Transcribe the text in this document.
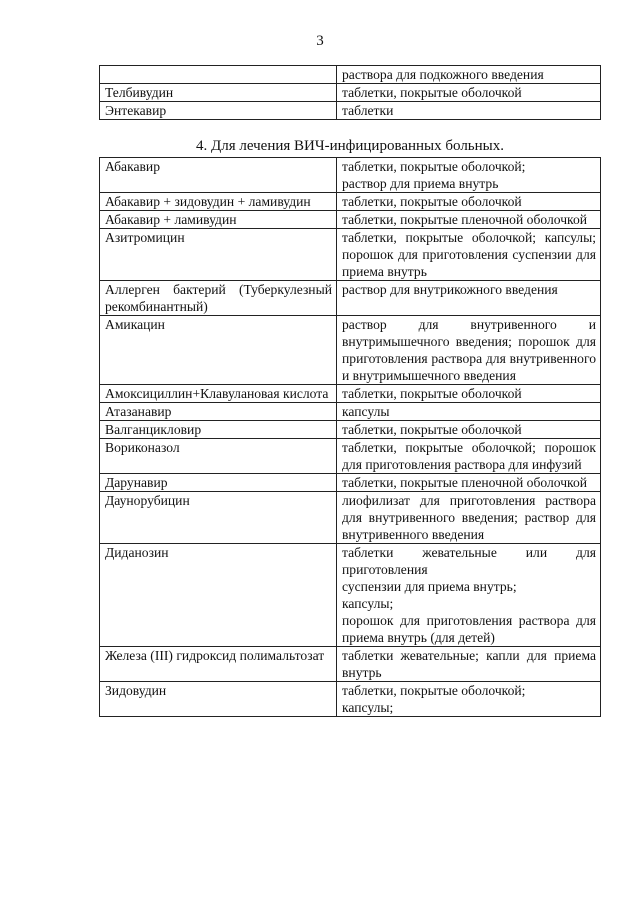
3
	раствора для подкожного введения
Телбивудин	таблетки, покрытые оболочкой
Энтекавир	таблетки
4. Для лечения ВИЧ-инфицированных больных.
Абакавир	таблетки, покрытые оболочкой;
раствор для приема внутрь

Абакавир + зидовудин + ламивудин	таблетки, покрытые оболочкой

Абакавир + ламивудин	таблетки, покрытые пленочной оболочкой

Азитромицин	таблетки, покрытые оболочкой; капсулы; порошок для приготовления суспензии для приема внутрь

Аллерген бактерий (Туберкулезный рекомбинантный)	раствор для внутрикожного введения

Амикацин	раствор для внутривенного и внутримышечного введения; порошок для приготовления раствора для внутривенного и внутримышечного введения

Амоксициллин+Клавулановая кислота	таблетки, покрытые оболочкой

Атазанавир	капсулы

Валганцикловир	таблетки, покрытые оболочкой

Вориконазол	таблетки, покрытые оболочкой; порошок для приготовления раствора для инфузий

Дарунавир	таблетки, покрытые пленочной оболочкой

Даунорубицин	лиофилизат для приготовления раствора для внутривенного введения; раствор для внутривенного введения

Диданозин	таблетки жевательные или для приготовления
суспензии для приема внутрь;
капсулы;
порошок для приготовления раствора для приема внутрь (для детей)

Железа (III) гидроксид полимальтозат	таблетки жевательные; капли для приема внутрь

Зидовудин	таблетки, покрытые оболочкой;
капсулы;
